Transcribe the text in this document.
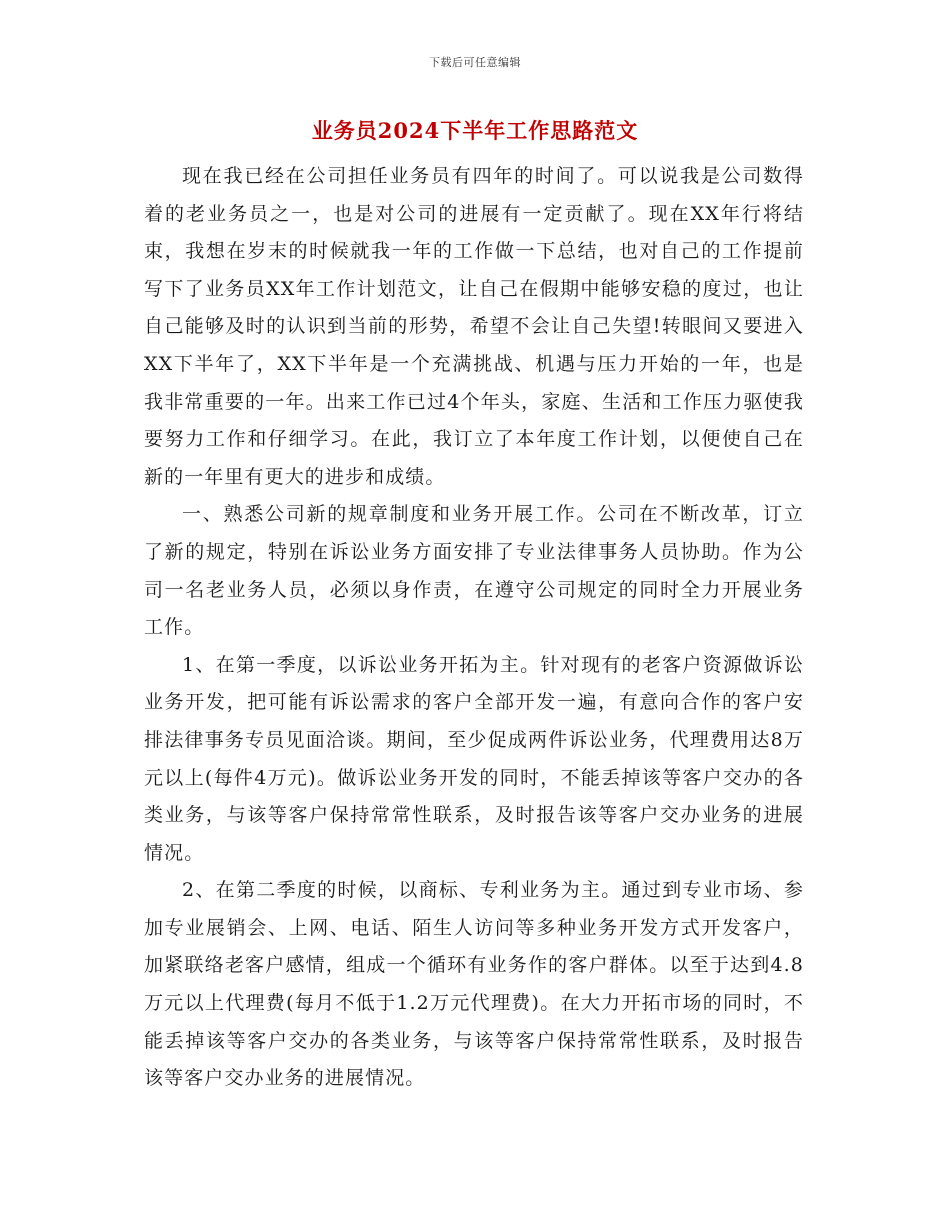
下载后可任意编辑
业务员2024下半年工作思路范文

现在我已经在公司担任业务员有四年的时间了。可以说我是公司数得着的老业务员之一，也是对公司的进展有一定贡献了。现在XX年行将结束，我想在岁末的时候就我一年的工作做一下总结，也对自己的工作提前写下了业务员XX年工作计划范文，让自己在假期中能够安稳的度过，也让自己能够及时的认识到当前的形势，希望不会让自己失望!转眼间又要进入XX下半年了，XX下半年是一个充满挑战、机遇与压力开始的一年，也是我非常重要的一年。出来工作已过4个年头，家庭、生活和工作压力驱使我要努力工作和仔细学习。在此，我订立了本年度工作计划，以便使自己在新的一年里有更大的进步和成绩。

一、熟悉公司新的规章制度和业务开展工作。公司在不断改革，订立了新的规定，特别在诉讼业务方面安排了专业法律事务人员协助。作为公司一名老业务人员，必须以身作责，在遵守公司规定的同时全力开展业务工作。

1、在第一季度，以诉讼业务开拓为主。针对现有的老客户资源做诉讼业务开发，把可能有诉讼需求的客户全部开发一遍，有意向合作的客户安排法律事务专员见面洽谈。期间，至少促成两件诉讼业务，代理费用达8万元以上(每件4万元)。做诉讼业务开发的同时，不能丢掉该等客户交办的各类业务，与该等客户保持常常性联系，及时报告该等客户交办业务的进展情况。

2、在第二季度的时候，以商标、专利业务为主。通过到专业市场、参加专业展销会、上网、电话、陌生人访问等多种业务开发方式开发客户，加紧联络老客户感情，组成一个循环有业务作的客户群体。以至于达到4.8万元以上代理费(每月不低于1.2万元代理费)。在大力开拓市场的同时，不能丢掉该等客户交办的各类业务，与该等客户保持常常性联系，及时报告该等客户交办业务的进展情况。
